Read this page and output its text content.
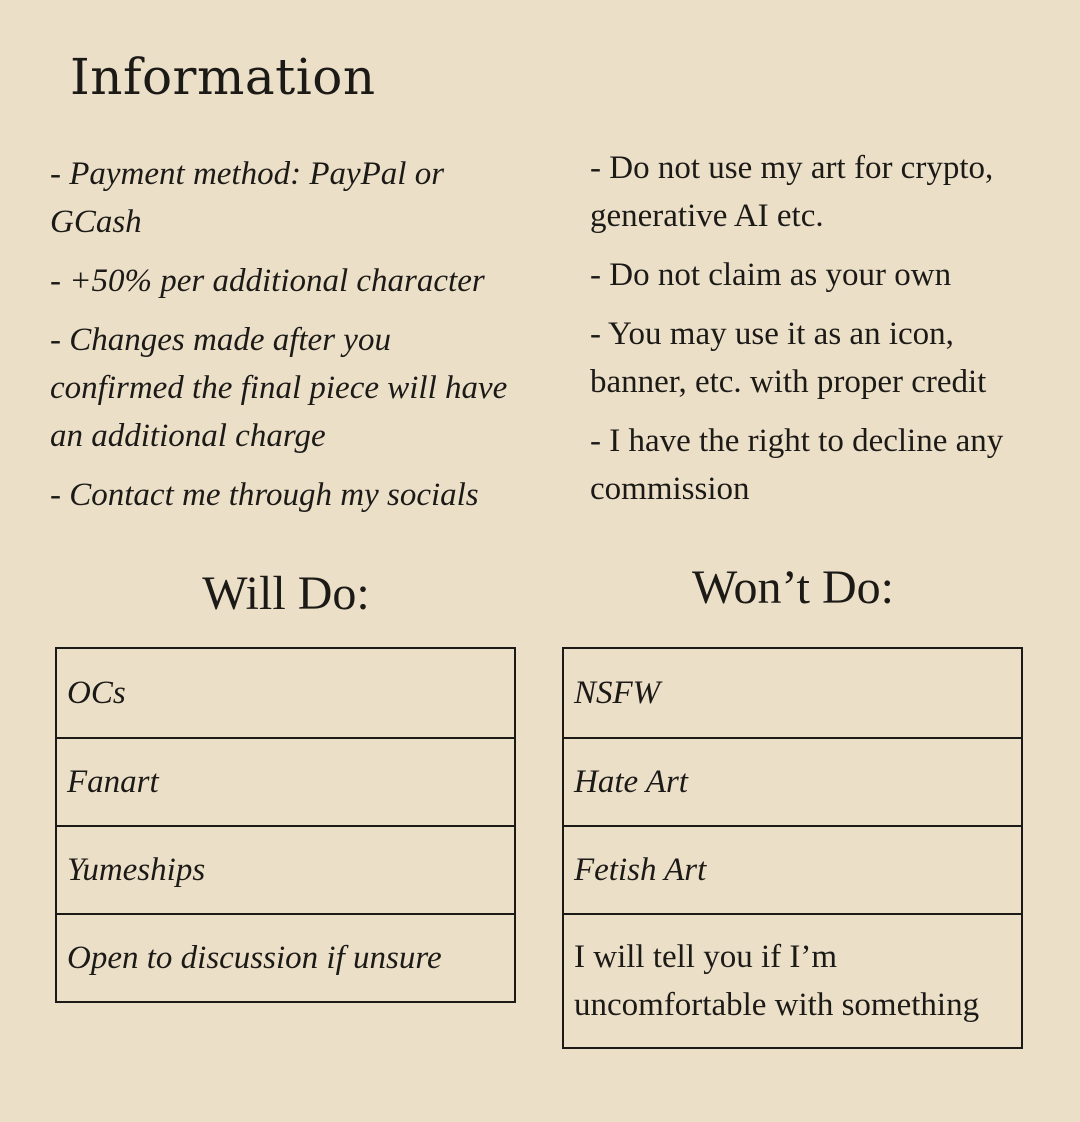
Information

- Payment method: PayPal or GCash

- +50% per additional character

- Changes made after you confirmed the final piece will have an additional charge

- Contact me through my socials

- Do not use my art for crypto, generative AI etc.

- Do not claim as your own

- You may use it as an icon, banner, etc. with proper credit

- I have the right to decline any commission

Will Do:	Won’t Do:
OCs
Fanart
Yumeships
Open to discussion if unsure
NSFW
Hate Art
Fetish Art
I will tell you if I’m uncomfortable with something
